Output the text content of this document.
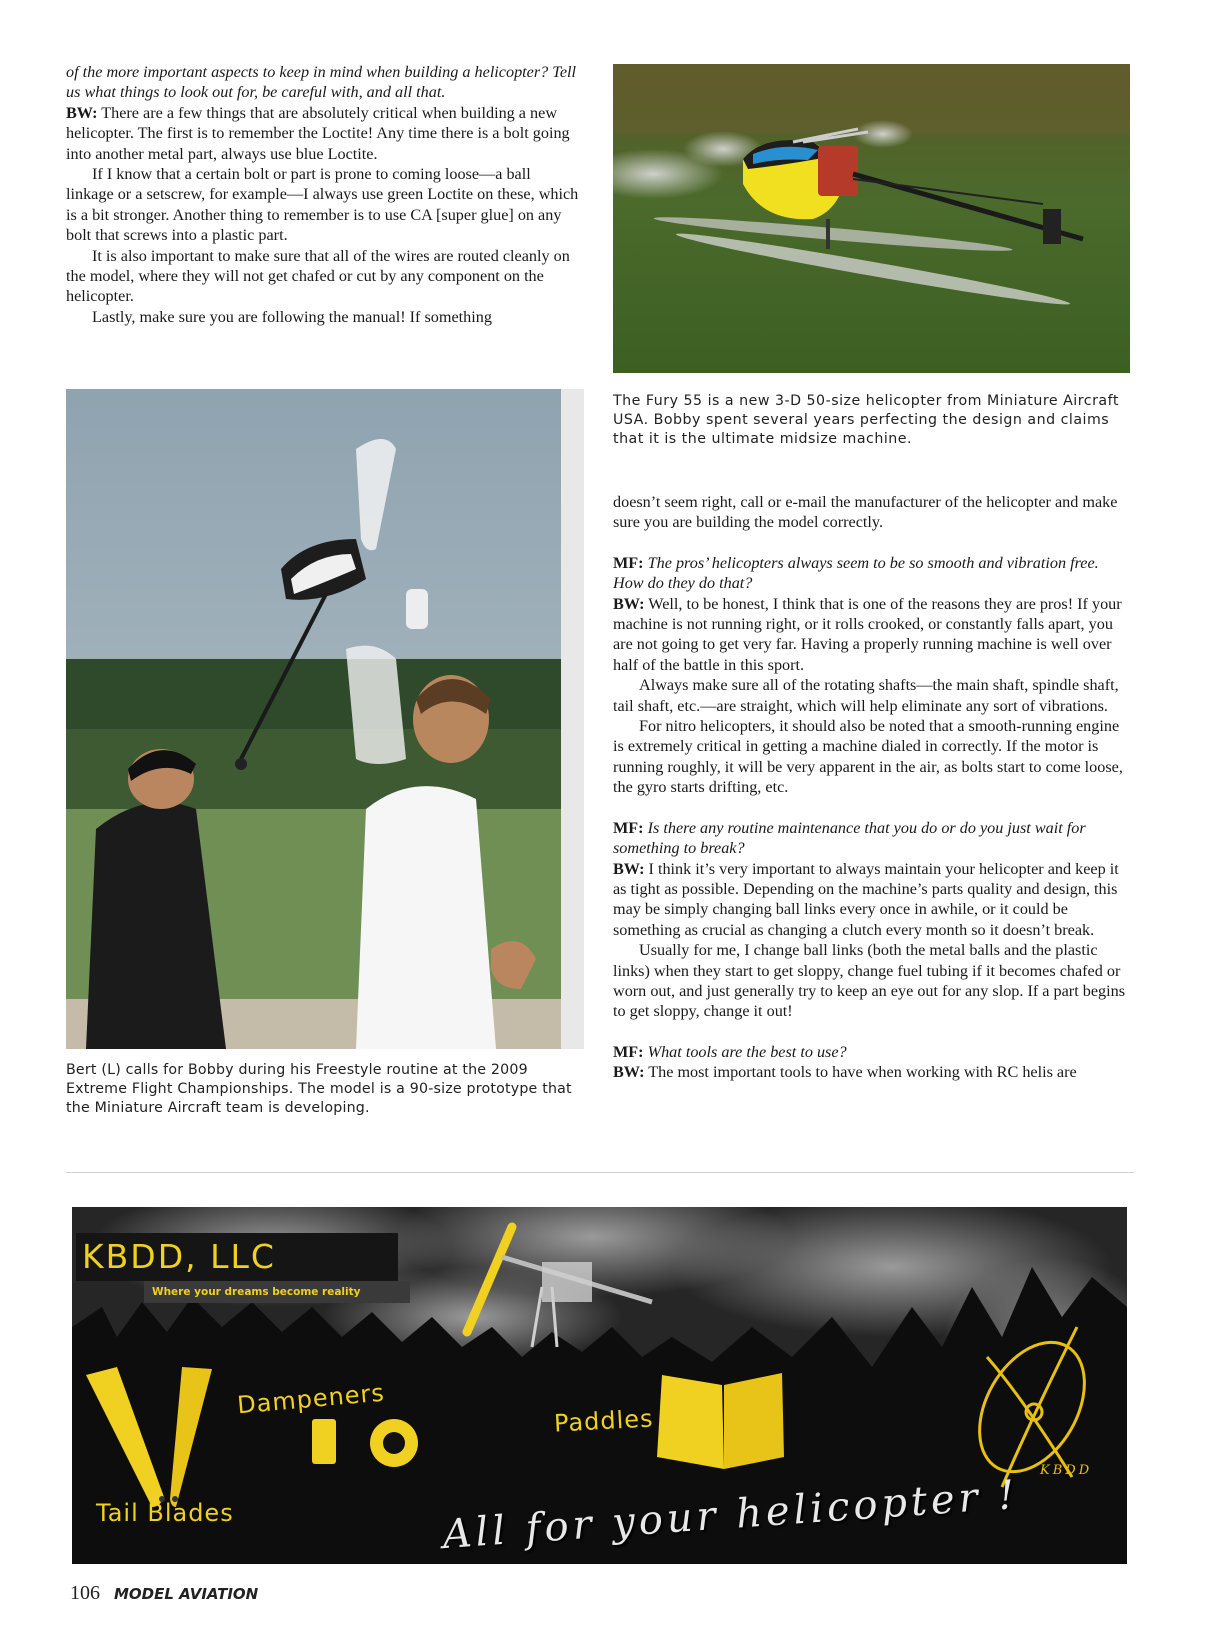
of the more important aspects to keep in mind when building a helicopter? Tell us what things to look out for, be careful with, and all that.

BW: There are a few things that are absolutely critical when building a new helicopter. The first is to remember the Loctite! Any time there is a bolt going into another metal part, always use blue Loctite.

If I know that a certain bolt or part is prone to coming loose—a ball linkage or a setscrew, for example—I always use green Loctite on these, which is a bit stronger. Another thing to remember is to use CA [super glue] on any bolt that screws into a plastic part.

It is also important to make sure that all of the wires are routed cleanly on the model, where they will not get chafed or cut by any component on the helicopter.

Lastly, make sure you are following the manual! If something

The Fury 55 is a new 3-D 50-size helicopter from Miniature Aircraft USA. Bobby spent several years perfecting the design and claims that it is the ultimate midsize machine.
Bert (L) calls for Bobby during his Freestyle routine at the 2009 Extreme Flight Championships. The model is a 90-size prototype that the Miniature Aircraft team is developing.

doesn’t seem right, call or e-mail the manufacturer of the helicopter and make sure you are building the model correctly.

MF: The pros’ helicopters always seem to be so smooth and vibration free. How do they do that?

BW: Well, to be honest, I think that is one of the reasons they are pros! If your machine is not running right, or it rolls crooked, or constantly falls apart, you are not going to get very far. Having a properly running machine is well over half of the battle in this sport.

Always make sure all of the rotating shafts—the main shaft, spindle shaft, tail shaft, etc.—are straight, which will help eliminate any sort of vibrations.

For nitro helicopters, it should also be noted that a smooth-running engine is extremely critical in getting a machine dialed in correctly. If the motor is running roughly, it will be very apparent in the air, as bolts start to come loose, the gyro starts drifting, etc.

MF: Is there any routine maintenance that you do or do you just wait for something to break?

BW: I think it’s very important to always maintain your helicopter and keep it as tight as possible. Depending on the machine’s parts quality and design, this may be simply changing ball links every once in awhile, or it could be something as crucial as changing a clutch every month so it doesn’t break.

Usually for me, I change ball links (both the metal balls and the plastic links) when they start to get sloppy, change fuel tubing if it becomes chafed or worn out, and just generally try to keep an eye out for any slop. If a part begins to get sloppy, change it out!

MF: What tools are the best to use?

BW: The most important tools to have when working with RC helis are

KBDD, LLC
Where your dreams become reality
Dampeners
Paddles
Tail Blades	All for your helicopter !
KBDD
106 MODEL AVIATION
